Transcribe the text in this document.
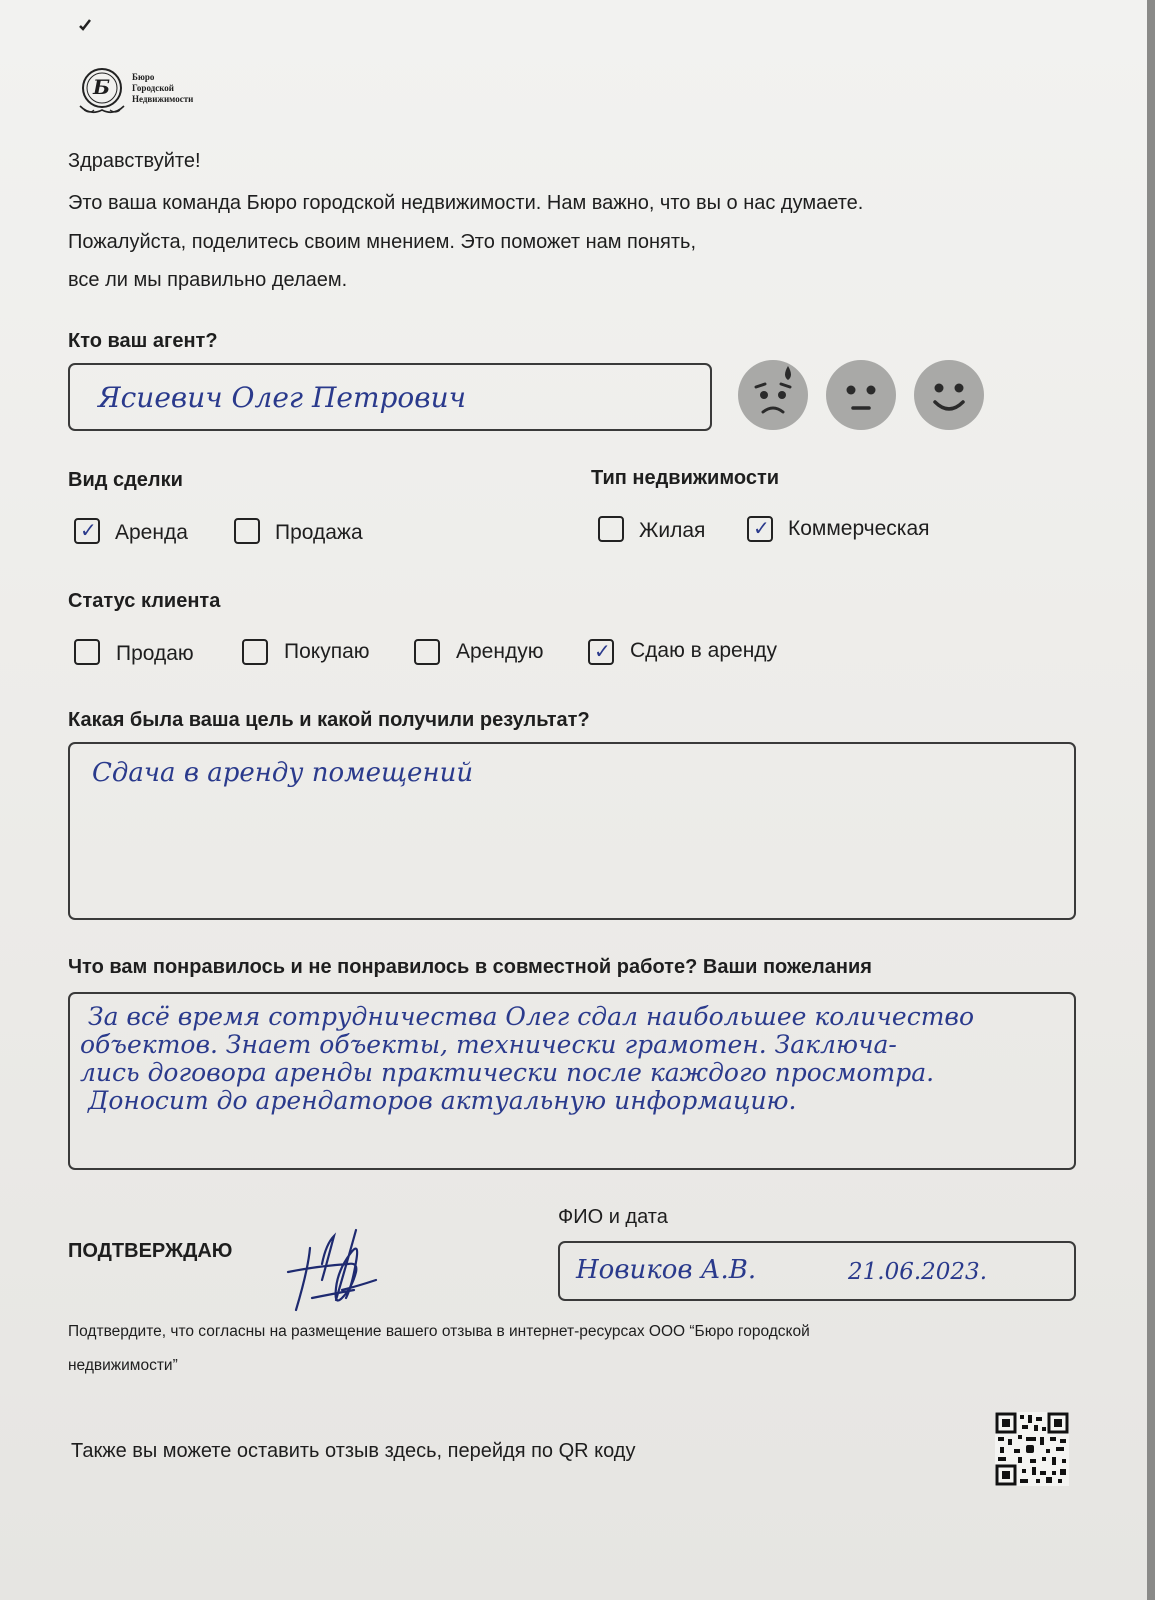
Б Бюро
Городской
Недвижимости
Здравствуйте!
Это ваша команда Бюро городской недвижимости. Нам важно, что вы о нас думаете.
Пожалуйста, поделитесь своим мнением. Это поможет нам понять,
все ли мы правильно делаем.
Кто ваш агент?
Ясиевич Олег Петрович
Вид сделки
✓ Аренда	Продажа
Тип недвижимости
Жилая ✓ Коммерческая
Статус клиента
Продаю	Покупаю	Арендую	✓ Сдаю в аренду
Какая была ваша цель и какой получили результат?
Сдача в аренду помещений
Что вам понравилось и не понравилось в совместной работе? Ваши пожелания
За всё время сотрудничества Олег сдал наибольшее количество
объектов. Знает объекты, технически грамотен. Заключа-
лись договора аренды практически после каждого просмотра.
Доносит до арендаторов актуальную информацию.
ФИО и дата
ПОДТВЕРЖДАЮ
Новиков А.В.	21.06.2023.
Подтвердите, что согласны на размещение вашего отзыва в интернет-ресурсах ООО “Бюро городской
недвижимости”
Также вы можете оставить отзыв здесь, перейдя по QR коду
